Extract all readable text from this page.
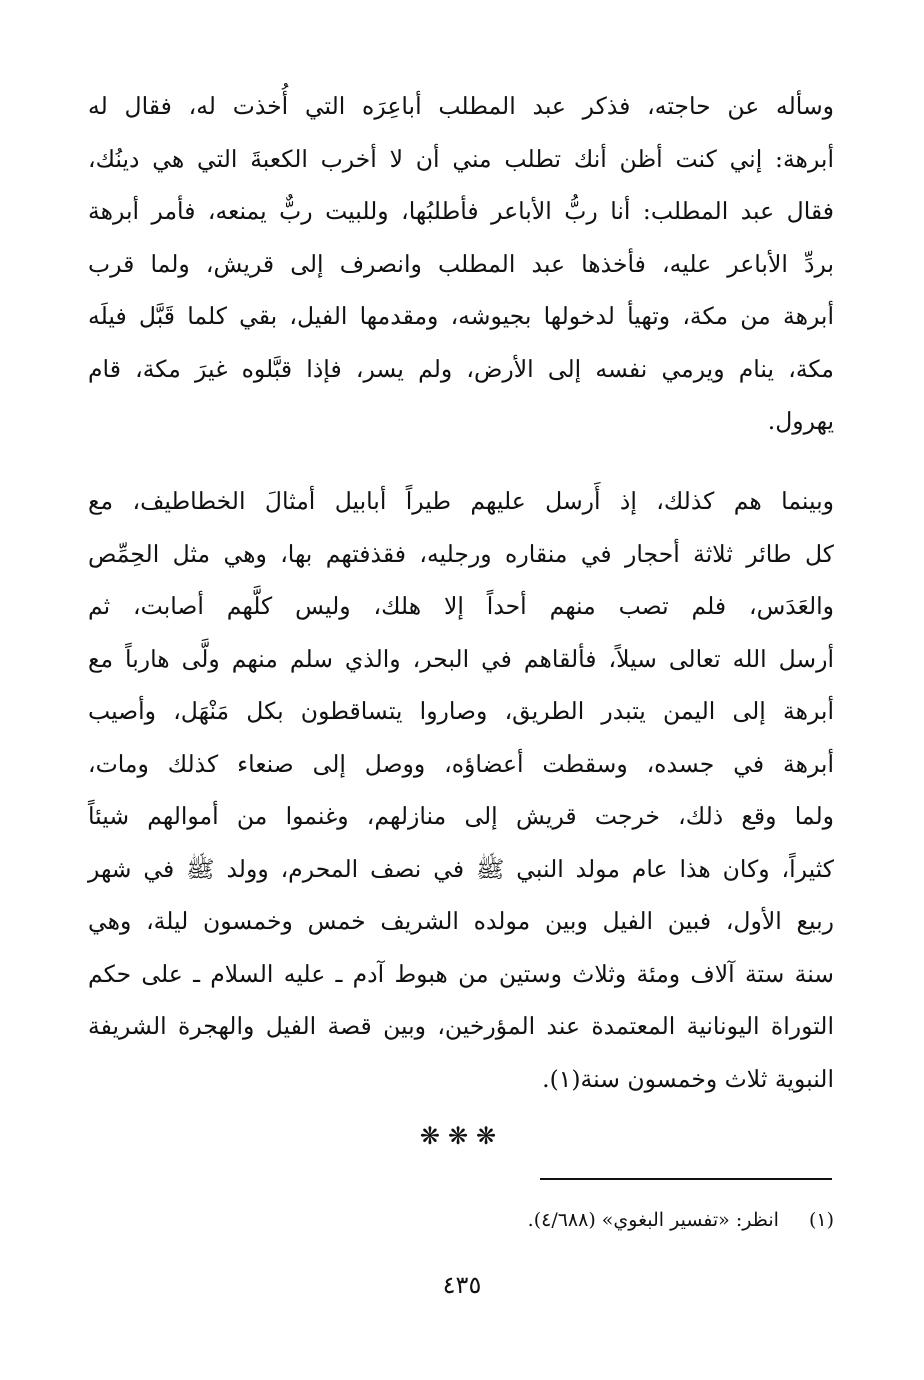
وسأله عن حاجته، فذكر عبد المطلب أباعِرَه التي أُخذت له، فقال له
أبرهة: إني كنت أظن أنك تطلب مني أن لا أخرب الكعبةَ التي هي دينُك،
فقال عبد المطلب: أنا ربُّ الأباعر فأطلبُها، وللبيت ربٌّ يمنعه، فأمر أبرهة
بردِّ الأباعر عليه، فأخذها عبد المطلب وانصرف إلى قريش، ولما قرب
أبرهة من مكة، وتهيأ لدخولها بجيوشه، ومقدمها الفيل، بقي كلما قَبَّل فيلَه
مكة، ينام ويرمي نفسه إلى الأرض، ولم يسر، فإذا قبَّلوه غيرَ مكة، قام
يهرول.
وبينما هم كذلك، إذ أَرسل عليهم طيراً أبابيل أمثالَ الخطاطيف، مع
كل طائر ثلاثة أحجار في منقاره ورجليه، فقذفتهم بها، وهي مثل الحِمِّص
والعَدَس، فلم تصب منهم أحداً إلا هلك، وليس كلَّهم أصابت، ثم
أرسل الله تعالى سيلاً، فألقاهم في البحر، والذي سلم منهم ولَّى هارباً مع
أبرهة إلى اليمن يتبدر الطريق، وصاروا يتساقطون بكل مَنْهَل، وأصيب
أبرهة في جسده، وسقطت أعضاؤه، ووصل إلى صنعاء كذلك ومات،
ولما وقع ذلك، خرجت قريش إلى منازلهم، وغنموا من أموالهم شيئاً
كثيراً، وكان هذا عام مولد النبي ﷺ في نصف المحرم، وولد ﷺ في شهر
ربيع الأول، فبين الفيل وبين مولده الشريف خمس وخمسون ليلة، وهي
سنة ستة آلاف ومئة وثلاث وستين من هبوط آدم ـ عليه السلام ـ على حكم
التوراة اليونانية المعتمدة عند المؤرخين، وبين قصة الفيل والهجرة الشريفة
النبوية ثلاث وخمسون سنة(١).
❋❋❋
(١) انظر: «تفسير البغوي» (٤/٦٨٨).
٤٣٥
